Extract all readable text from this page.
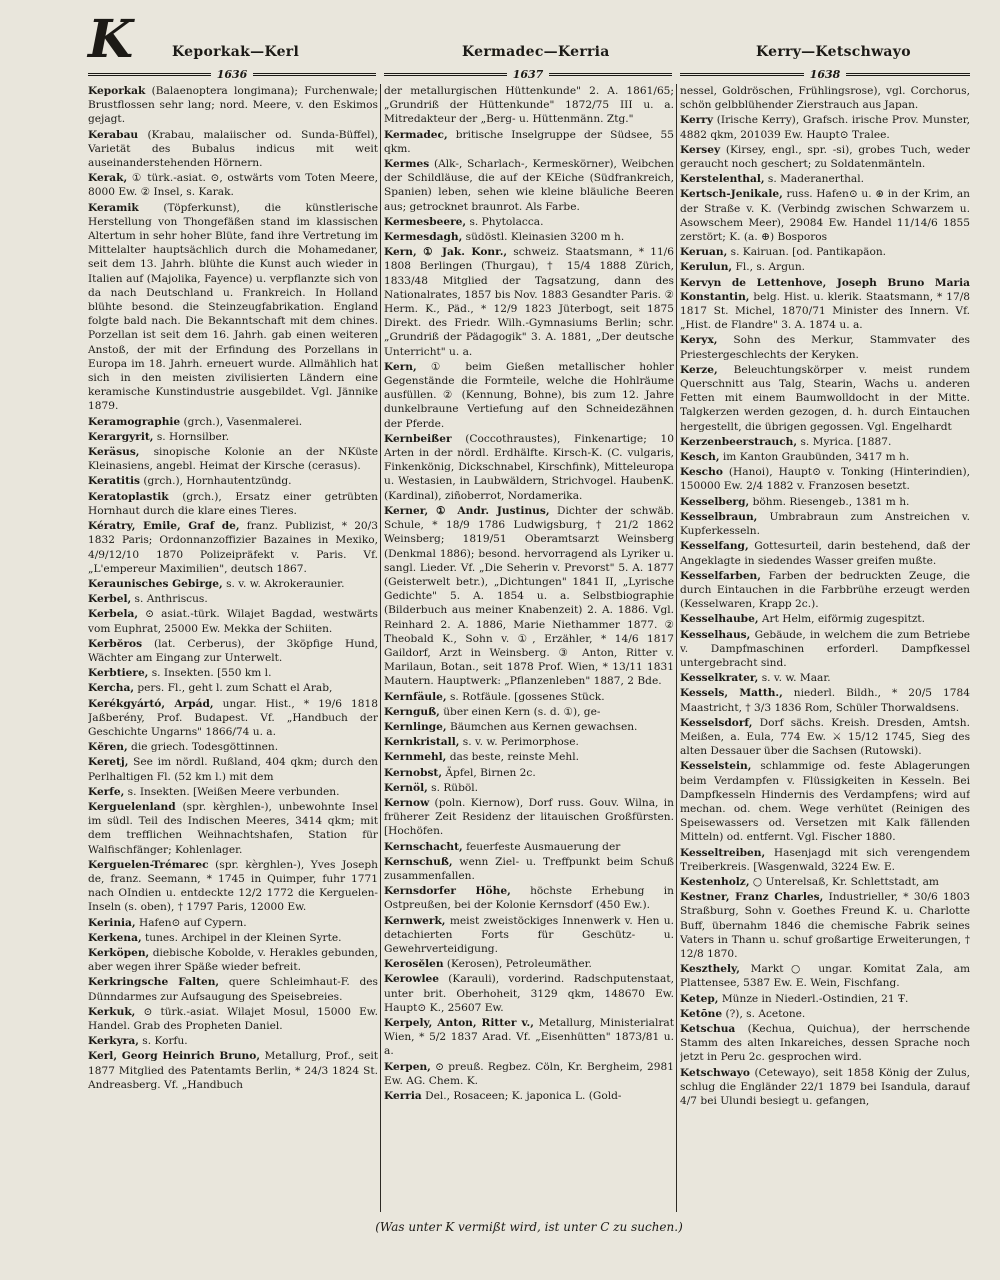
K	Keporkak—Kerl	Kermadec—Kerria	Kerry—Ketschwayo
1636	1637	1638
Keporkak (Balaenoptera longimana); Furchenwale; Brustflossen sehr lang; nord. Meere, v. den Eskimos gejagt.
Kerabau (Krabau, malaiischer od. Sunda-Büffel), Varietät des Bubalus indicus mit weit auseinanderstehenden Hörnern.
Kerak, ① türk.-asiat. ⊙, ostwärts vom Toten Meere, 8000 Ew. ② Insel, s. Karak.
Keramik (Töpferkunst), die künstlerische Herstellung von Thongefäßen stand im klassischen Altertum in sehr hoher Blüte, fand ihre Vertretung im Mittelalter hauptsächlich durch die Mohamedaner, seit dem 13. Jahrh. blühte die Kunst auch wieder in Italien auf (Majolika, Fayence) u. verpflanzte sich von da nach Deutschland u. Frankreich. In Holland blühte besond. die Steinzeugfabrikation. England folgte bald nach. Die Bekanntschaft mit dem chines. Porzellan ist seit dem 16. Jahrh. gab einen weiteren Anstoß, der mit der Erfindung des Porzellans in Europa im 18. Jahrh. erneuert wurde. Allmählich hat sich in den meisten zivilisierten Ländern eine keramische Kunstindustrie ausgebildet. Vgl. Jännike 1879.
Keramographie (grch.), Vasenmalerei.
Kerargyrit, s. Hornsilber.
Keräsus, sinopische Kolonie an der NKüste Kleinasiens, angebl. Heimat der Kirsche (cerasus).
Keratitis (grch.), Hornhautentzündg.
Keratoplastik (grch.), Ersatz einer getrübten Hornhaut durch die klare eines Tieres.
Kératry, Emile, Graf de, franz. Publizist, * 20/3 1832 Paris; Ordonnanzoffizier Bazaines in Mexiko, 4/9/12/10 1870 Polizeipräfekt v. Paris. Vf. „L'empereur Maximilien", deutsch 1867.
Keraunisches Gebirge, s. v. w. Akrokeraunier.
Kerbel, s. Anthriscus.
Kerbela, ⊙ asiat.-türk. Wilajet Bagdad, westwärts vom Euphrat, 25000 Ew. Mekka der Schiiten.
Kerbĕros (lat. Cerberus), der 3köpfige Hund, Wächter am Eingang zur Unterwelt.
Kerbtiere, s. Insekten. [550 km l.
Kercha, pers. Fl., geht l. zum Schatt el Arab,
Kerékgyártó, Arpád, ungar. Hist., * 19/6 1818 Jaßberény, Prof. Budapest. Vf. „Handbuch der Geschichte Ungarns" 1866/74 u. a.
Kĕren, die griech. Todesgöttinnen.
Keretj, See im nördl. Rußland, 404 qkm; durch den Perlhaltigen Fl. (52 km l.) mit dem
Kerfe, s. Insekten. [Weißen Meere verbunden.
Kerguelenland (spr. kèrghlen-), unbewohnte Insel im südl. Teil des Indischen Meeres, 3414 qkm; mit dem trefflichen Weihnachtshafen, Station für Walfischfänger; Kohlenlager.
Kerguelen-Trémarec (spr. kèrghlen-), Yves Joseph de, franz. Seemann, * 1745 in Quimper, fuhr 1771 nach OIndien u. entdeckte 12/2 1772 die Kerguelen-Inseln (s. oben), † 1797 Paris, 12000 Ew.
Kerinia, Hafen⊙ auf Cypern.
Kerkena, tunes. Archipel in der Kleinen Syrte.
Kerköpen, diebische Kobolde, v. Herakles gebunden, aber wegen ihrer Späße wieder befreit.
Kerkringsche Falten, quere Schleimhaut-F. des Dünndarmes zur Aufsaugung des Speisebreies.
Kerkuk, ⊙ türk.-asiat. Wilajet Mosul, 15000 Ew. Handel. Grab des Propheten Daniel.
Kerkyra, s. Korfu.
Kerl, Georg Heinrich Bruno, Metallurg, Prof., seit 1877 Mitglied des Patentamts Berlin, * 24/3 1824 St. Andreasberg. Vf. „Handbuch
der metallurgischen Hüttenkunde" 2. A. 1861/65; „Grundriß der Hüttenkunde" 1872/75 III u. a. Mitredakteur der „Berg- u. Hüttenmänn. Ztg."
Kermadec, britische Inselgruppe der Südsee, 55 qkm.
Kermes (Alk-, Scharlach-, Kermeskörner), Weibchen der Schildläuse, die auf der KEiche (Südfrankreich, Spanien) leben, sehen wie kleine bläuliche Beeren aus; getrocknet braunrot. Als Farbe.
Kermesbeere, s. Phytolacca.
Kermesdagh, südöstl. Kleinasien 3200 m h.
Kern, ① Jak. Konr., schweiz. Staatsmann, * 11/6 1808 Berlingen (Thurgau), † 15/4 1888 Zürich, 1833/48 Mitglied der Tagsatzung, dann des Nationalrates, 1857 bis Nov. 1883 Gesandter Paris. ② Herm. K., Päd., * 12/9 1823 Jüterbogt, seit 1875 Direkt. des Friedr. Wilh.-Gymnasiums Berlin; schr. „Grundriß der Pädagogik" 3. A. 1881, „Der deutsche Unterricht" u. a.
Kern, ① beim Gießen metallischer hohler Gegenstände die Formteile, welche die Hohlräume ausfüllen. ② (Kennung, Bohne), bis zum 12. Jahre dunkelbraune Vertiefung auf den Schneidezähnen der Pferde.
Kernbeißer (Coccothraustes), Finkenartige; 10 Arten in der nördl. Erdhälfte. Kirsch-K. (C. vulgaris, Finkenkönig, Dickschnabel, Kirschfink), Mitteleuropa u. Westasien, in Laubwäldern, Strichvogel. HaubenK. (Kardinal), ziñoberrot, Nordamerika.
Kerner, ① Andr. Justinus, Dichter der schwäb. Schule, * 18/9 1786 Ludwigsburg, † 21/2 1862 Weinsberg; 1819/51 Oberamtsarzt Weinsberg (Denkmal 1886); besond. hervorragend als Lyriker u. sangl. Lieder. Vf. „Die Seherin v. Prevorst" 5. A. 1877 (Geisterwelt betr.), „Dichtungen" 1841 II, „Lyrische Gedichte" 5. A. 1854 u. a. Selbstbiographie (Bilderbuch aus meiner Knabenzeit) 2. A. 1886. Vgl. Reinhard 2. A. 1886, Marie Niethammer 1877. ② Theobald K., Sohn v. ①, Erzähler, * 14/6 1817 Gaildorf, Arzt in Weinsberg. ③ Anton, Ritter v. Marilaun, Botan., seit 1878 Prof. Wien, * 13/11 1831 Mautern. Hauptwerk: „Pflanzenleben" 1887, 2 Bde.
Kernfäule, s. Rotfäule. [gossenes Stück.
Kernguß, über einen Kern (s. d. ①), ge-
Kernlinge, Bäumchen aus Kernen gewachsen.
Kernkristall, s. v. w. Perimorphose.
Kernmehl, das beste, reinste Mehl.
Kernobst, Äpfel, Birnen 2c.
Kernöl, s. Rüböl.
Kernow (poln. Kiernow), Dorf russ. Gouv. Wilna, in früherer Zeit Residenz der litauischen Großfürsten. [Hochöfen.
Kernschacht, feuerfeste Ausmauerung der
Kernschuß, wenn Ziel- u. Treffpunkt beim Schuß zusammenfallen.
Kernsdorfer Höhe, höchste Erhebung in Ostpreußen, bei der Kolonie Kernsdorf (450 Ew.).
Kernwerk, meist zweistöckiges Innenwerk v. Hen u. detachierten Forts für Geschütz- u. Gewehrverteidigung.
Kerosĕlen (Kerosen), Petroleumäther.
Kerowlee (Karauli), vorderind. Radschputenstaat, unter brit. Oberhoheit, 3129 qkm, 148670 Ew. Haupt⊙ K., 25607 Ew.
Kerpely, Anton, Ritter v., Metallurg, Ministerialrat Wien, * 5/2 1837 Arad. Vf. „Eisenhütten" 1873/81 u. a.
Kerpen, ⊙ preuß. Regbez. Cöln, Kr. Bergheim, 2981 Ew. AG. Chem. K.
Kerria Del., Rosaceen; K. japonica L. (Gold-
nessel, Goldröschen, Frühlingsrose), vgl. Corchorus, schön gelbblühender Zierstrauch aus Japan.
Kerry (Irische Kerry), Grafsch. irische Prov. Munster, 4882 qkm, 201039 Ew. Haupt⊙ Tralee.
Kersey (Kirsey, engl., spr. -si), grobes Tuch, weder geraucht noch geschert; zu Soldatenmänteln.
Kerstelenthal, s. Maderanerthal.
Kertsch-Jenikale, russ. Hafen⊙ u. ⊛ in der Krim, an der Straße v. K. (Verbindg zwischen Schwarzem u. Asowschem Meer), 29084 Ew. Handel 11/14/6 1855 zerstört; K. (a. ⊕) Bosporos
Keruan, s. Kairuan. [od. Pantikapäon.
Kerulun, Fl., s. Argun.
Kervyn de Lettenhove, Joseph Bruno Maria Konstantin, belg. Hist. u. klerik. Staatsmann, * 17/8 1817 St. Michel, 1870/71 Minister des Innern. Vf. „Hist. de Flandre" 3. A. 1874 u. a.
Keryx, Sohn des Merkur, Stammvater des Priestergeschlechts der Keryken.
Kerze, Beleuchtungskörper v. meist rundem Querschnitt aus Talg, Stearin, Wachs u. anderen Fetten mit einem Baumwolldocht in der Mitte. Talgkerzen werden gezogen, d. h. durch Eintauchen hergestellt, die übrigen gegossen. Vgl. Engelhardt
Kerzenbeerstrauch, s. Myrica. [1887.
Kesch, im Kanton Graubünden, 3417 m h.
Kescho (Hanoi), Haupt⊙ v. Tonking (Hinterindien), 150000 Ew. 2/4 1882 v. Franzosen besetzt.
Kesselberg, böhm. Riesengeb., 1381 m h.
Kesselbraun, Umbrabraun zum Anstreichen v. Kupferkesseln.
Kesselfang, Gottesurteil, darin bestehend, daß der Angeklagte in siedendes Wasser greifen mußte.
Kesselfarben, Farben der bedruckten Zeuge, die durch Eintauchen in die Farbbrühe erzeugt werden (Kesselwaren, Krapp 2c.).
Kesselhaube, Art Helm, eiförmig zugespitzt.
Kesselhaus, Gebäude, in welchem die zum Betriebe v. Dampfmaschinen erforderl. Dampfkessel untergebracht sind.
Kesselkrater, s. v. w. Maar.
Kessels, Matth., niederl. Bildh., * 20/5 1784 Maastricht, † 3/3 1836 Rom, Schüler Thorwaldsens.
Kesselsdorf, Dorf sächs. Kreish. Dresden, Amtsh. Meißen, a. Eula, 774 Ew. ⚔ 15/12 1745, Sieg des alten Dessauer über die Sachsen (Rutowski).
Kesselstein, schlammige od. feste Ablagerungen beim Verdampfen v. Flüssigkeiten in Kesseln. Bei Dampfkesseln Hindernis des Verdampfens; wird auf mechan. od. chem. Wege verhütet (Reinigen des Speisewassers od. Versetzen mit Kalk fällenden Mitteln) od. entfernt. Vgl. Fischer 1880.
Kesseltreiben, Hasenjagd mit sich verengendem Treiberkreis. [Wasgenwald, 3224 Ew. E.
Kestenholz, ○ Unterelsaß, Kr. Schlettstadt, am
Kestner, Franz Charles, Industrieller, * 30/6 1803 Straßburg, Sohn v. Goethes Freund K. u. Charlotte Buff, übernahm 1846 die chemische Fabrik seines Vaters in Thann u. schuf großartige Erweiterungen, † 12/8 1870.
Keszthely, Markt○ ungar. Komitat Zala, am Plattensee, 5387 Ew. E. Wein, Fischfang.
Ketep, Münze in Niederl.-Ostindien, 21 Ŧ.
Ketōne (?), s. Acetone.
Ketschua (Kechua, Quichua), der herrschende Stamm des alten Inkareiches, dessen Sprache noch jetzt in Peru 2c. gesprochen wird.
Ketschwayo (Cetewayo), seit 1858 König der Zulus, schlug die Engländer 22/1 1879 bei Isandula, darauf 4/7 bei Ulundi besiegt u. gefangen,
(Was unter K vermißt wird, ist unter C zu suchen.)
